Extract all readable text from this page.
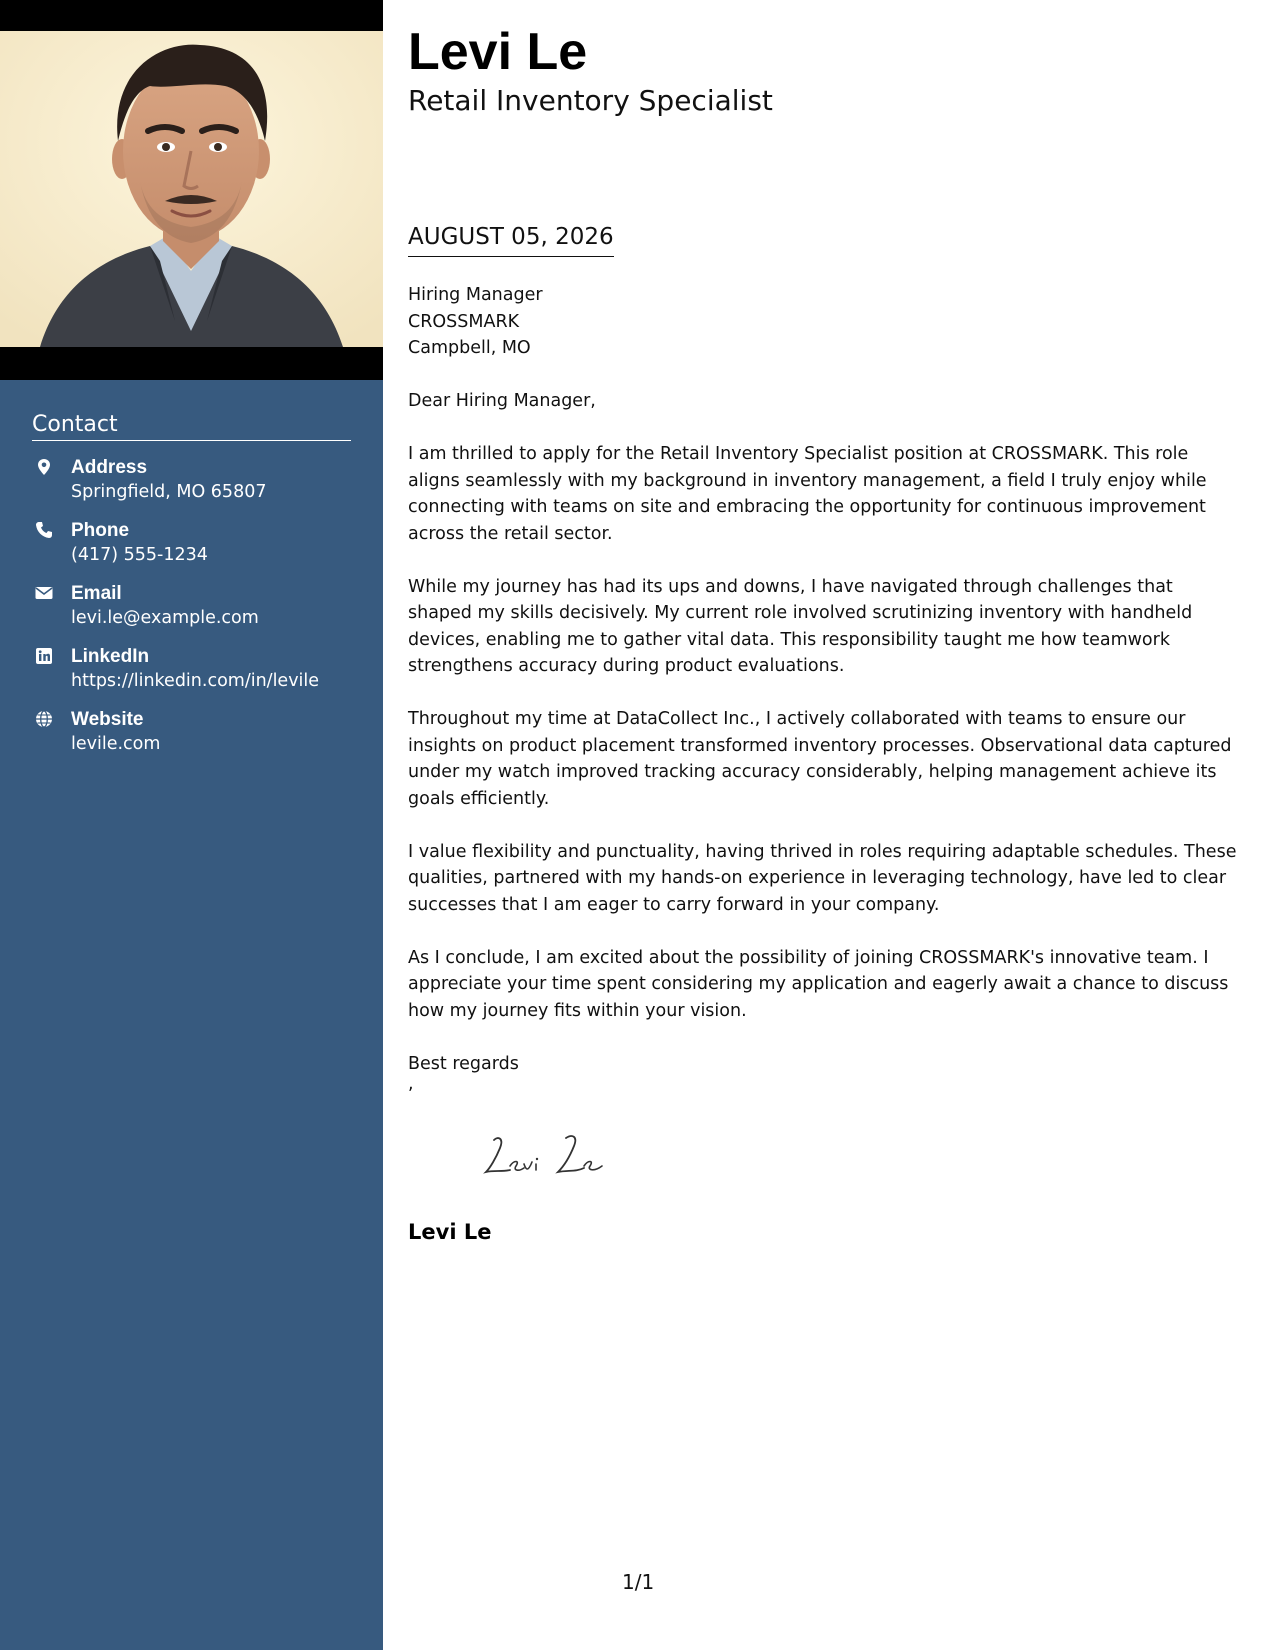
Contact
Address
Springfield, MO 65807
Phone
(417) 555-1234
Email
levi.le@example.com
LinkedIn
https://linkedin.com/in/levile
Website
levile.com
Levi Le
Retail Inventory Specialist
AUGUST 05, 2026
Hiring Manager
CROSSMARK
Campbell, MO

Dear Hiring Manager,

I am thrilled to apply for the Retail Inventory Specialist position at CROSSMARK. This role aligns seamlessly with my background in inventory management, a field I truly enjoy while connecting with teams on site and embracing the opportunity for continuous improvement across the retail sector.

While my journey has had its ups and downs, I have navigated through challenges that shaped my skills decisively. My current role involved scrutinizing inventory with handheld devices, enabling me to gather vital data. This responsibility taught me how teamwork strengthens accuracy during product evaluations.

Throughout my time at DataCollect Inc., I actively collaborated with teams to ensure our insights on product placement transformed inventory processes. Observational data captured under my watch improved tracking accuracy considerably, helping management achieve its goals efficiently.

I value flexibility and punctuality, having thrived in roles requiring adaptable schedules. These qualities, partnered with my hands-on experience in leveraging technology, have led to clear successes that I am eager to carry forward in your company.

As I conclude, I am excited about the possibility of joining CROSSMARK's innovative team. I appreciate your time spent considering my application and eagerly await a chance to discuss how my journey fits within your vision.

Best regards

,
Levi Le
1/1
